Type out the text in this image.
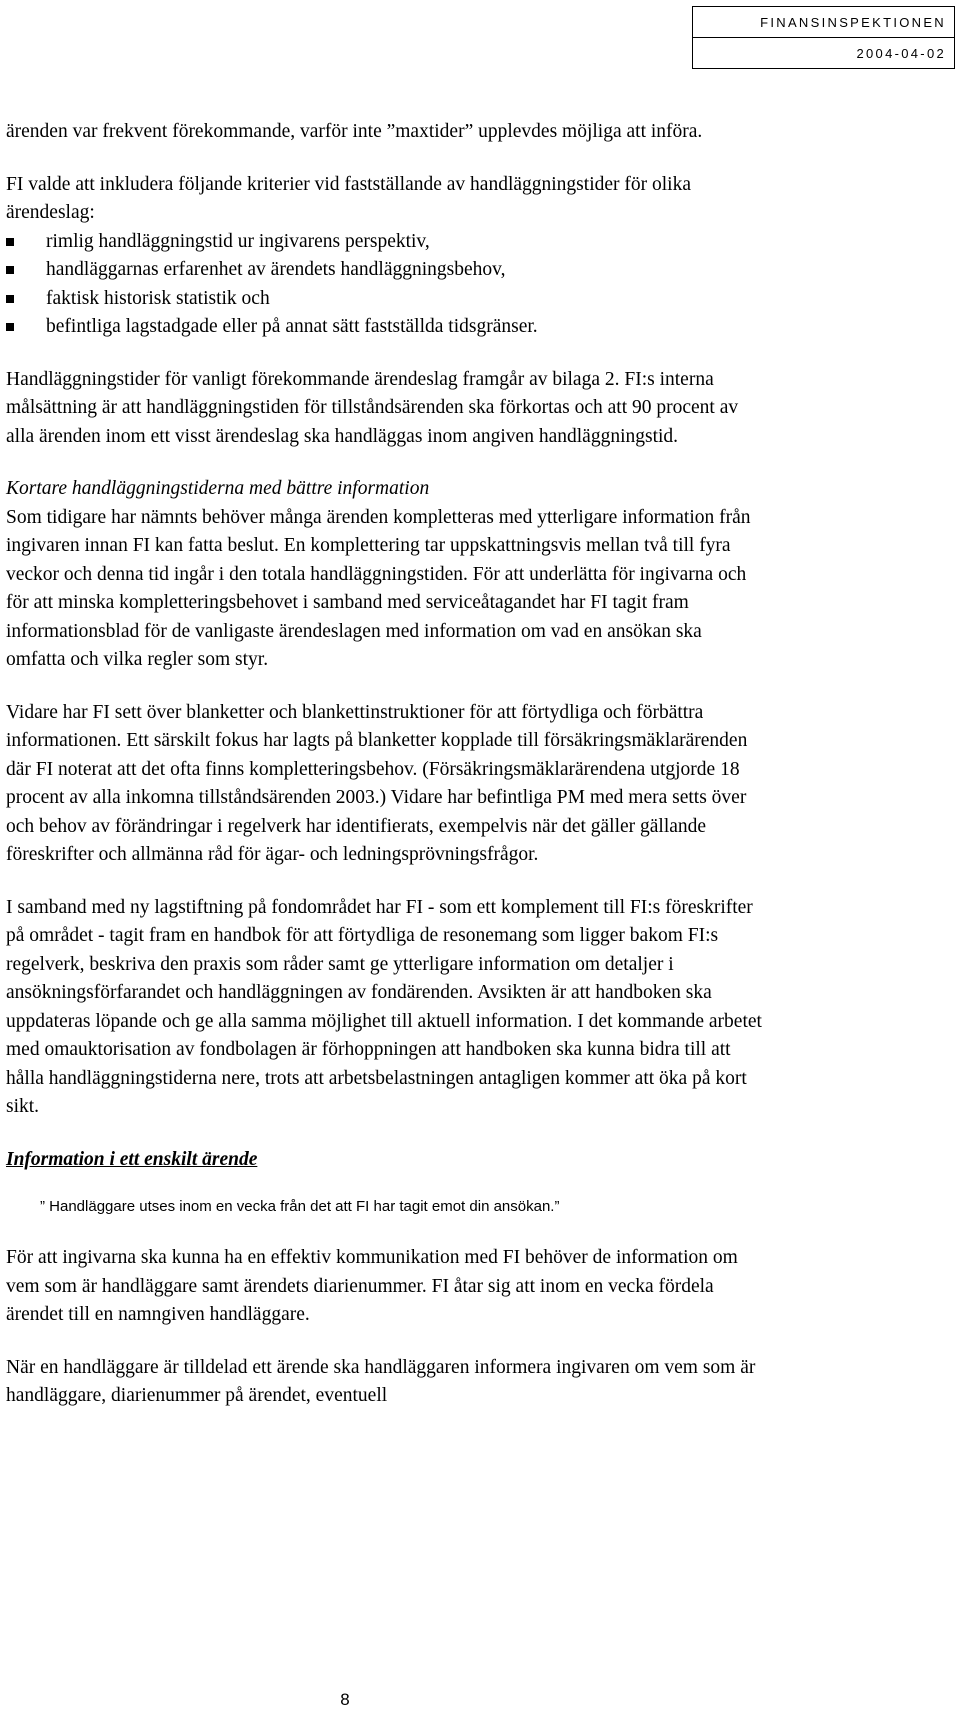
FINANSINSPEKTIONEN
2004-04-02

ärenden var frekvent förekommande, varför inte ”maxtider” upplevdes möjliga att införa.

FI valde att inkludera följande kriterier vid fastställande av handläggningstider för olika ärendeslag:
rimlig handläggningstid ur ingivarens perspektiv,
handläggarnas erfarenhet av ärendets handläggningsbehov,
faktisk historisk statistik och
befintliga lagstadgade eller på annat sätt fastställda tidsgränser.

Handläggningstider för vanligt förekommande ärendeslag framgår av bilaga 2. FI:s interna målsättning är att handläggningstiden för tillståndsärenden ska förkortas och att 90 procent av alla ärenden inom ett visst ärendeslag ska handläggas inom angiven handläggningstid.

Kortare handläggningstiderna med bättre information
Som tidigare har nämnts behöver många ärenden kompletteras med ytterligare information från ingivaren innan FI kan fatta beslut. En komplettering tar uppskattningsvis mellan två till fyra veckor och denna tid ingår i den totala handläggningstiden. För att underlätta för ingivarna och för att minska kompletteringsbehovet i samband med serviceåtagandet har FI tagit fram informationsblad för de vanligaste ärendeslagen med information om vad en ansökan ska omfatta och vilka regler som styr.

Vidare har FI sett över blanketter och blankettinstruktioner för att förtydliga och förbättra informationen. Ett särskilt fokus har lagts på blanketter kopplade till försäkringsmäklarärenden där FI noterat att det ofta finns kompletteringsbehov. (Försäkringsmäklarärendena utgjorde 18 procent av alla inkomna tillståndsärenden 2003.) Vidare har befintliga PM med mera setts över och behov av förändringar i regelverk har identifierats, exempelvis när det gäller gällande föreskrifter och allmänna råd för ägar- och ledningsprövningsfrågor.

I samband med ny lagstiftning på fondområdet har FI - som ett komplement till FI:s föreskrifter på området - tagit fram en handbok för att förtydliga de resonemang som ligger bakom FI:s regelverk, beskriva den praxis som råder samt ge ytterligare information om detaljer i ansökningsförfarandet och handläggningen av fondärenden. Avsikten är att handboken ska uppdateras löpande och ge alla samma möjlighet till aktuell information. I det kommande arbetet med omauktorisation av fondbolagen är förhoppningen att handboken ska kunna bidra till att hålla handläggningstiderna nere, trots att arbetsbelastningen antagligen kommer att öka på kort sikt.

Information i ett enskilt ärende
” Handläggare utses inom en vecka från det att FI har tagit emot din ansökan.”

För att ingivarna ska kunna ha en effektiv kommunikation med FI behöver de information om vem som är handläggare samt ärendets diarienummer. FI åtar sig att inom en vecka fördela ärendet till en namngiven handläggare.

När en handläggare är tilldelad ett ärende ska handläggaren informera ingivaren om vem som är handläggare, diarienummer på ärendet, eventuell

8
